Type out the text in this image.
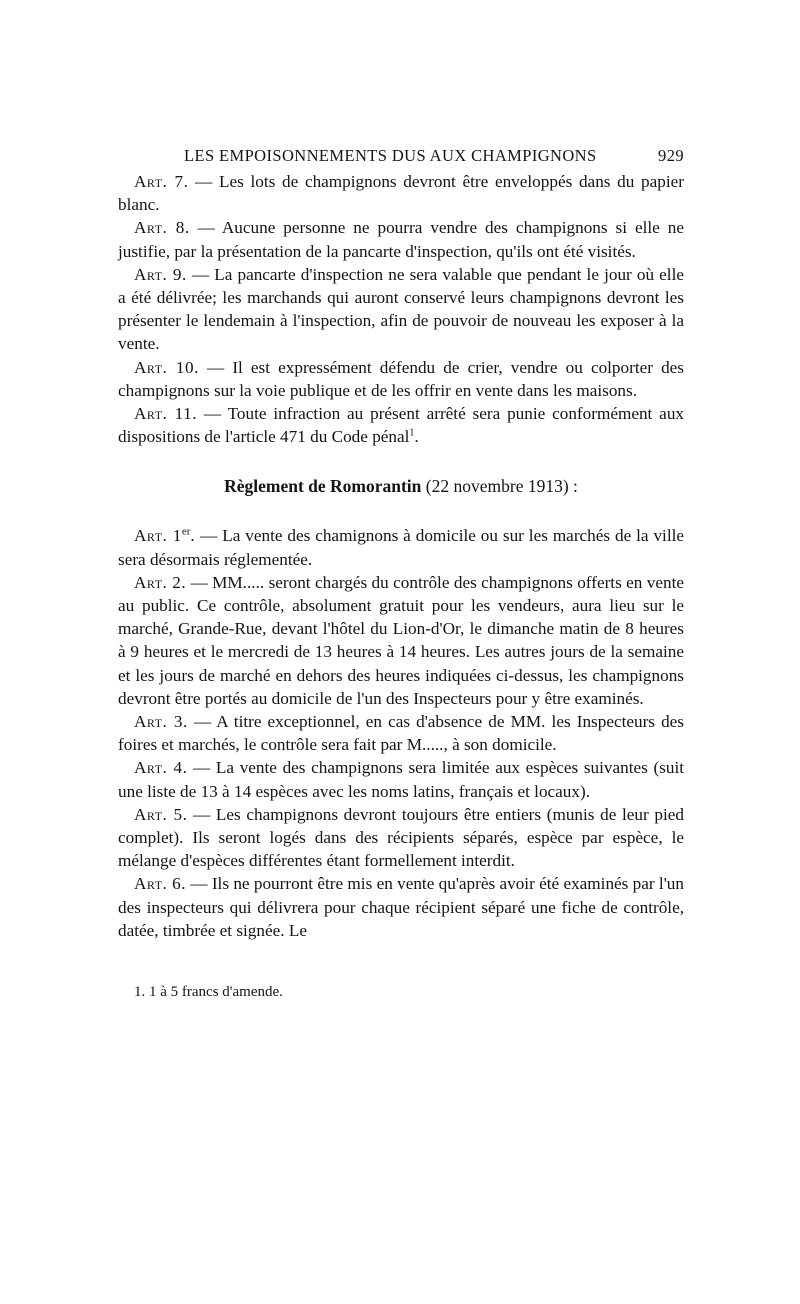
LES EMPOISONNEMENTS DUS AUX CHAMPIGNONS	929

Art. 7. — Les lots de champignons devront être enveloppés dans du papier blanc.

Art. 8. — Aucune personne ne pourra vendre des champignons si elle ne justifie, par la présentation de la pancarte d'inspection, qu'ils ont été visités.

Art. 9. — La pancarte d'inspection ne sera valable que pendant le jour où elle a été délivrée; les marchands qui auront conservé leurs champignons devront les présenter le lendemain à l'inspection, afin de pouvoir de nouveau les exposer à la vente.

Art. 10. — Il est expressément défendu de crier, vendre ou colporter des champignons sur la voie publique et de les offrir en vente dans les maisons.

Art. 11. — Toute infraction au présent arrêté sera punie conformément aux dispositions de l'article 471 du Code pénal$^1$.

Règlement de Romorantin (22 novembre 1913) :

Art. 1er. — La vente des chamignons à domicile ou sur les marchés de la ville sera désormais réglementée.

Art. 2. — MM..... seront chargés du contrôle des champignons offerts en vente au public. Ce contrôle, absolument gratuit pour les vendeurs, aura lieu sur le marché, Grande-Rue, devant l'hôtel du Lion-d'Or, le dimanche matin de 8 heures à 9 heures et le mercredi de 13 heures à 14 heures. Les autres jours de la semaine et les jours de marché en dehors des heures indiquées ci-dessus, les champignons devront être portés au domicile de l'un des Inspecteurs pour y être examinés.

Art. 3. — A titre exceptionnel, en cas d'absence de MM. les Inspecteurs des foires et marchés, le contrôle sera fait par M....., à son domicile.

Art. 4. — La vente des champignons sera limitée aux espèces suivantes (suit une liste de 13 à 14 espèces avec les noms latins, français et locaux).

Art. 5. — Les champignons devront toujours être entiers (munis de leur pied complet). Ils seront logés dans des récipients séparés, espèce par espèce, le mélange d'espèces différentes étant formellement interdit.

Art. 6. — Ils ne pourront être mis en vente qu'après avoir été examinés par l'un des inspecteurs qui délivrera pour chaque récipient séparé une fiche de contrôle, datée, timbrée et signée. Le

1. 1 à 5 francs d'amende.
